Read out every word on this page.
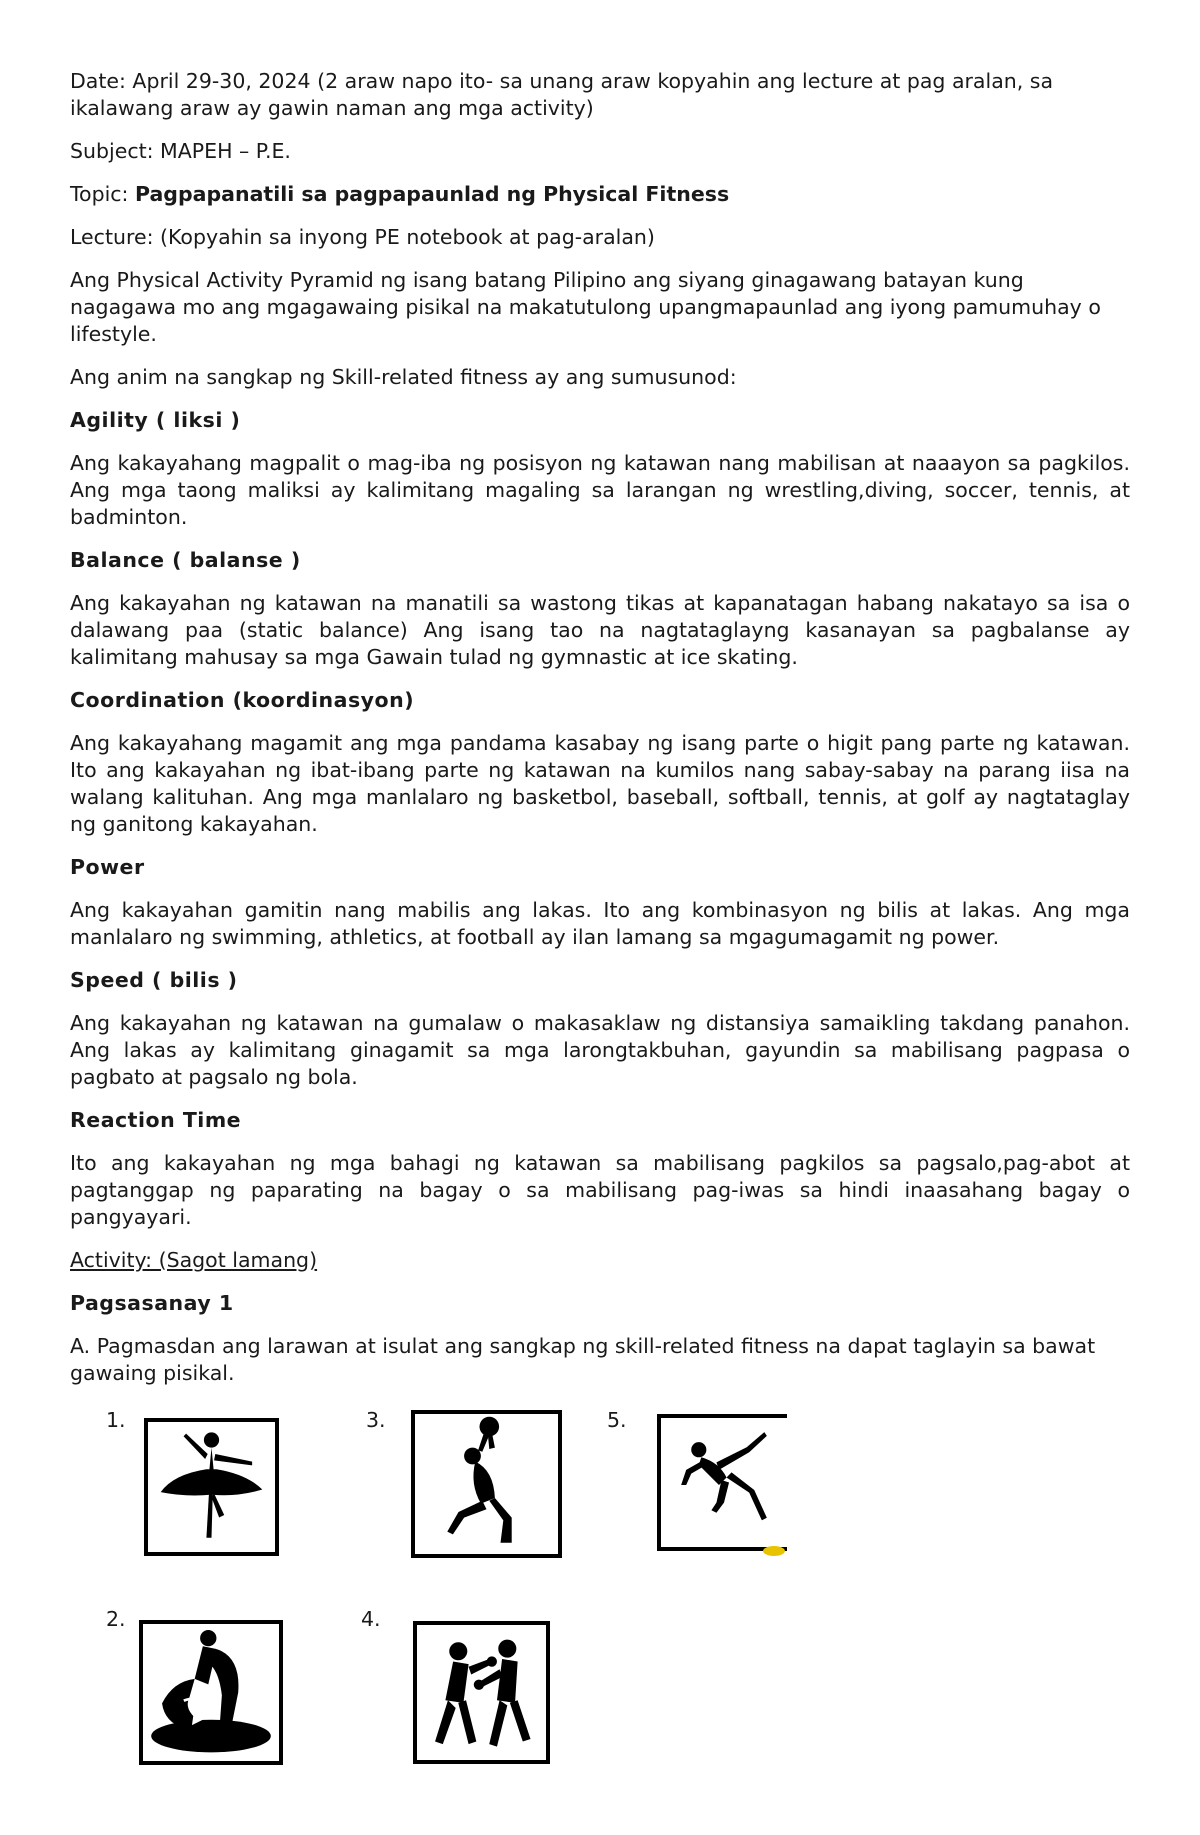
Date: April 29-30, 2024 (2 araw napo ito- sa unang araw kopyahin ang lecture at pag aralan, sa ikalawang araw ay gawin naman ang mga activity)

Subject: MAPEH – P.E.

Topic: Pagpapanatili sa pagpapaunlad ng Physical Fitness

Lecture: (Kopyahin sa inyong PE notebook at pag-aralan)

Ang Physical Activity Pyramid ng isang batang Pilipino ang siyang ginagawang batayan kung nagagawa mo ang mgagawaing pisikal na makatutulong upangmapaunlad ang iyong pamumuhay o lifestyle.

Ang anim na sangkap ng Skill-related fitness ay ang sumusunod:

Agility ( liksi )

Ang kakayahang magpalit o mag-iba ng posisyon ng katawan nang mabilisan at naaayon sa pagkilos. Ang mga taong maliksi ay kalimitang magaling sa larangan ng wrestling,diving, soccer, tennis, at badminton.

Balance ( balanse )

Ang kakayahan ng katawan na manatili sa wastong tikas at kapanatagan habang nakatayo sa isa o dalawang paa (static balance) Ang isang tao na nagtataglayng kasanayan sa pagbalanse ay kalimitang mahusay sa mga Gawain tulad ng gymnastic at ice skating.

Coordination (koordinasyon)

Ang kakayahang magamit ang mga pandama kasabay ng isang parte o higit pang parte ng katawan. Ito ang kakayahan ng ibat-ibang parte ng katawan na kumilos nang sabay-sabay na parang iisa na walang kalituhan. Ang mga manlalaro ng basketbol, baseball, softball, tennis, at golf ay nagtataglay ng ganitong kakayahan.

Power

Ang kakayahan gamitin nang mabilis ang lakas. Ito ang kombinasyon ng bilis at lakas. Ang mga manlalaro ng swimming, athletics, at football ay ilan lamang sa mgagumagamit ng power.

Speed ( bilis )

Ang kakayahan ng katawan na gumalaw o makasaklaw ng distansiya samaikling takdang panahon. Ang lakas ay kalimitang ginagamit sa mga larongtakbuhan, gayundin sa mabilisang pagpasa o pagbato at pagsalo ng bola.

Reaction Time

Ito ang kakayahan ng mga bahagi ng katawan sa mabilisang pagkilos sa pagsalo,pag-abot at pagtanggap ng paparating na bagay o sa mabilisang pag-iwas sa hindi inaasahang bagay o pangyayari.

Activity: (Sagot lamang)

Pagsasanay 1

A. Pagmasdan ang larawan at isulat ang sangkap ng skill-related fitness na dapat taglayin sa bawat gawaing pisikal.

1.	3.	5.
2.	4.
